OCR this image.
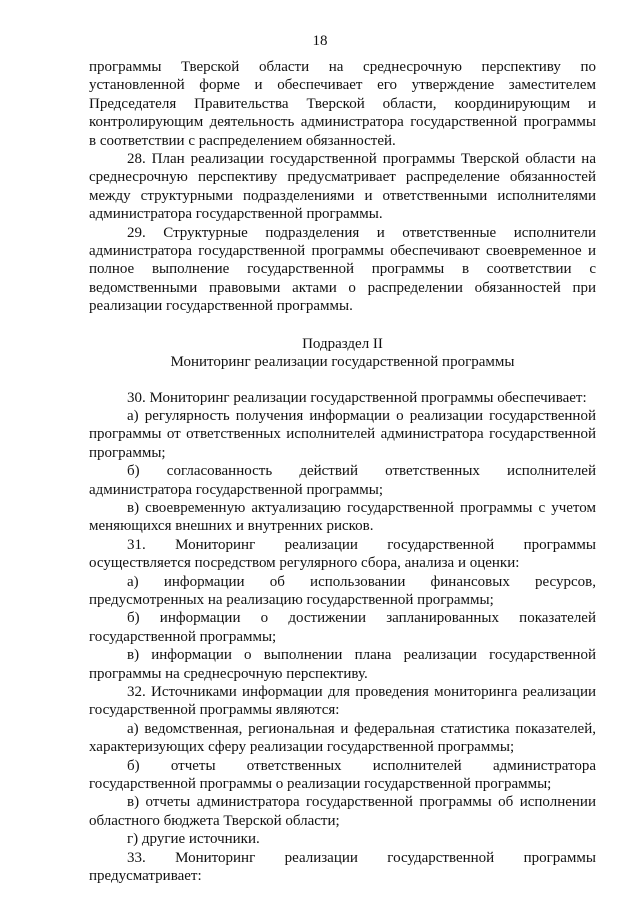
18

программы Тверской области на среднесрочную перспективу по установленной форме и обеспечивает его утверждение заместителем Председателя Правительства Тверской области, координирующим и контролирующим деятельность администратора государственной программы в соответствии с распределением обязанностей.

28. План реализации государственной программы Тверской области на среднесрочную перспективу предусматривает распределение обязанностей между структурными подразделениями и ответственными исполнителями администратора государственной программы.

29. Структурные подразделения и ответственные исполнители администратора государственной программы обеспечивают своевременное и полное выполнение государственной программы в соответствии с ведомственными правовыми актами о распределении обязанностей при реализации государственной программы.

Подраздел II

Мониторинг реализации государственной программы

30. Мониторинг реализации государственной программы обеспечивает:

а) регулярность получения информации о реализации государственной программы от ответственных исполнителей администратора государственной программы;

б) согласованность действий ответственных исполнителей администратора государственной программы;

в) своевременную актуализацию государственной программы с учетом меняющихся внешних и внутренних рисков.

31. Мониторинг реализации государственной программы осуществляется посредством регулярного сбора, анализа и оценки:

а) информации об использовании финансовых ресурсов, предусмотренных на реализацию государственной программы;

б) информации о достижении запланированных показателей государственной программы;

в) информации о выполнении плана реализации государственной программы на среднесрочную перспективу.

32. Источниками информации для проведения мониторинга реализации государственной программы являются:

а) ведомственная, региональная и федеральная статистика показателей, характеризующих сферу реализации государственной программы;

б) отчеты ответственных исполнителей администратора государственной программы о реализации государственной программы;

в) отчеты администратора государственной программы об исполнении областного бюджета Тверской области;

г) другие источники.

33. Мониторинг реализации государственной программы предусматривает:
